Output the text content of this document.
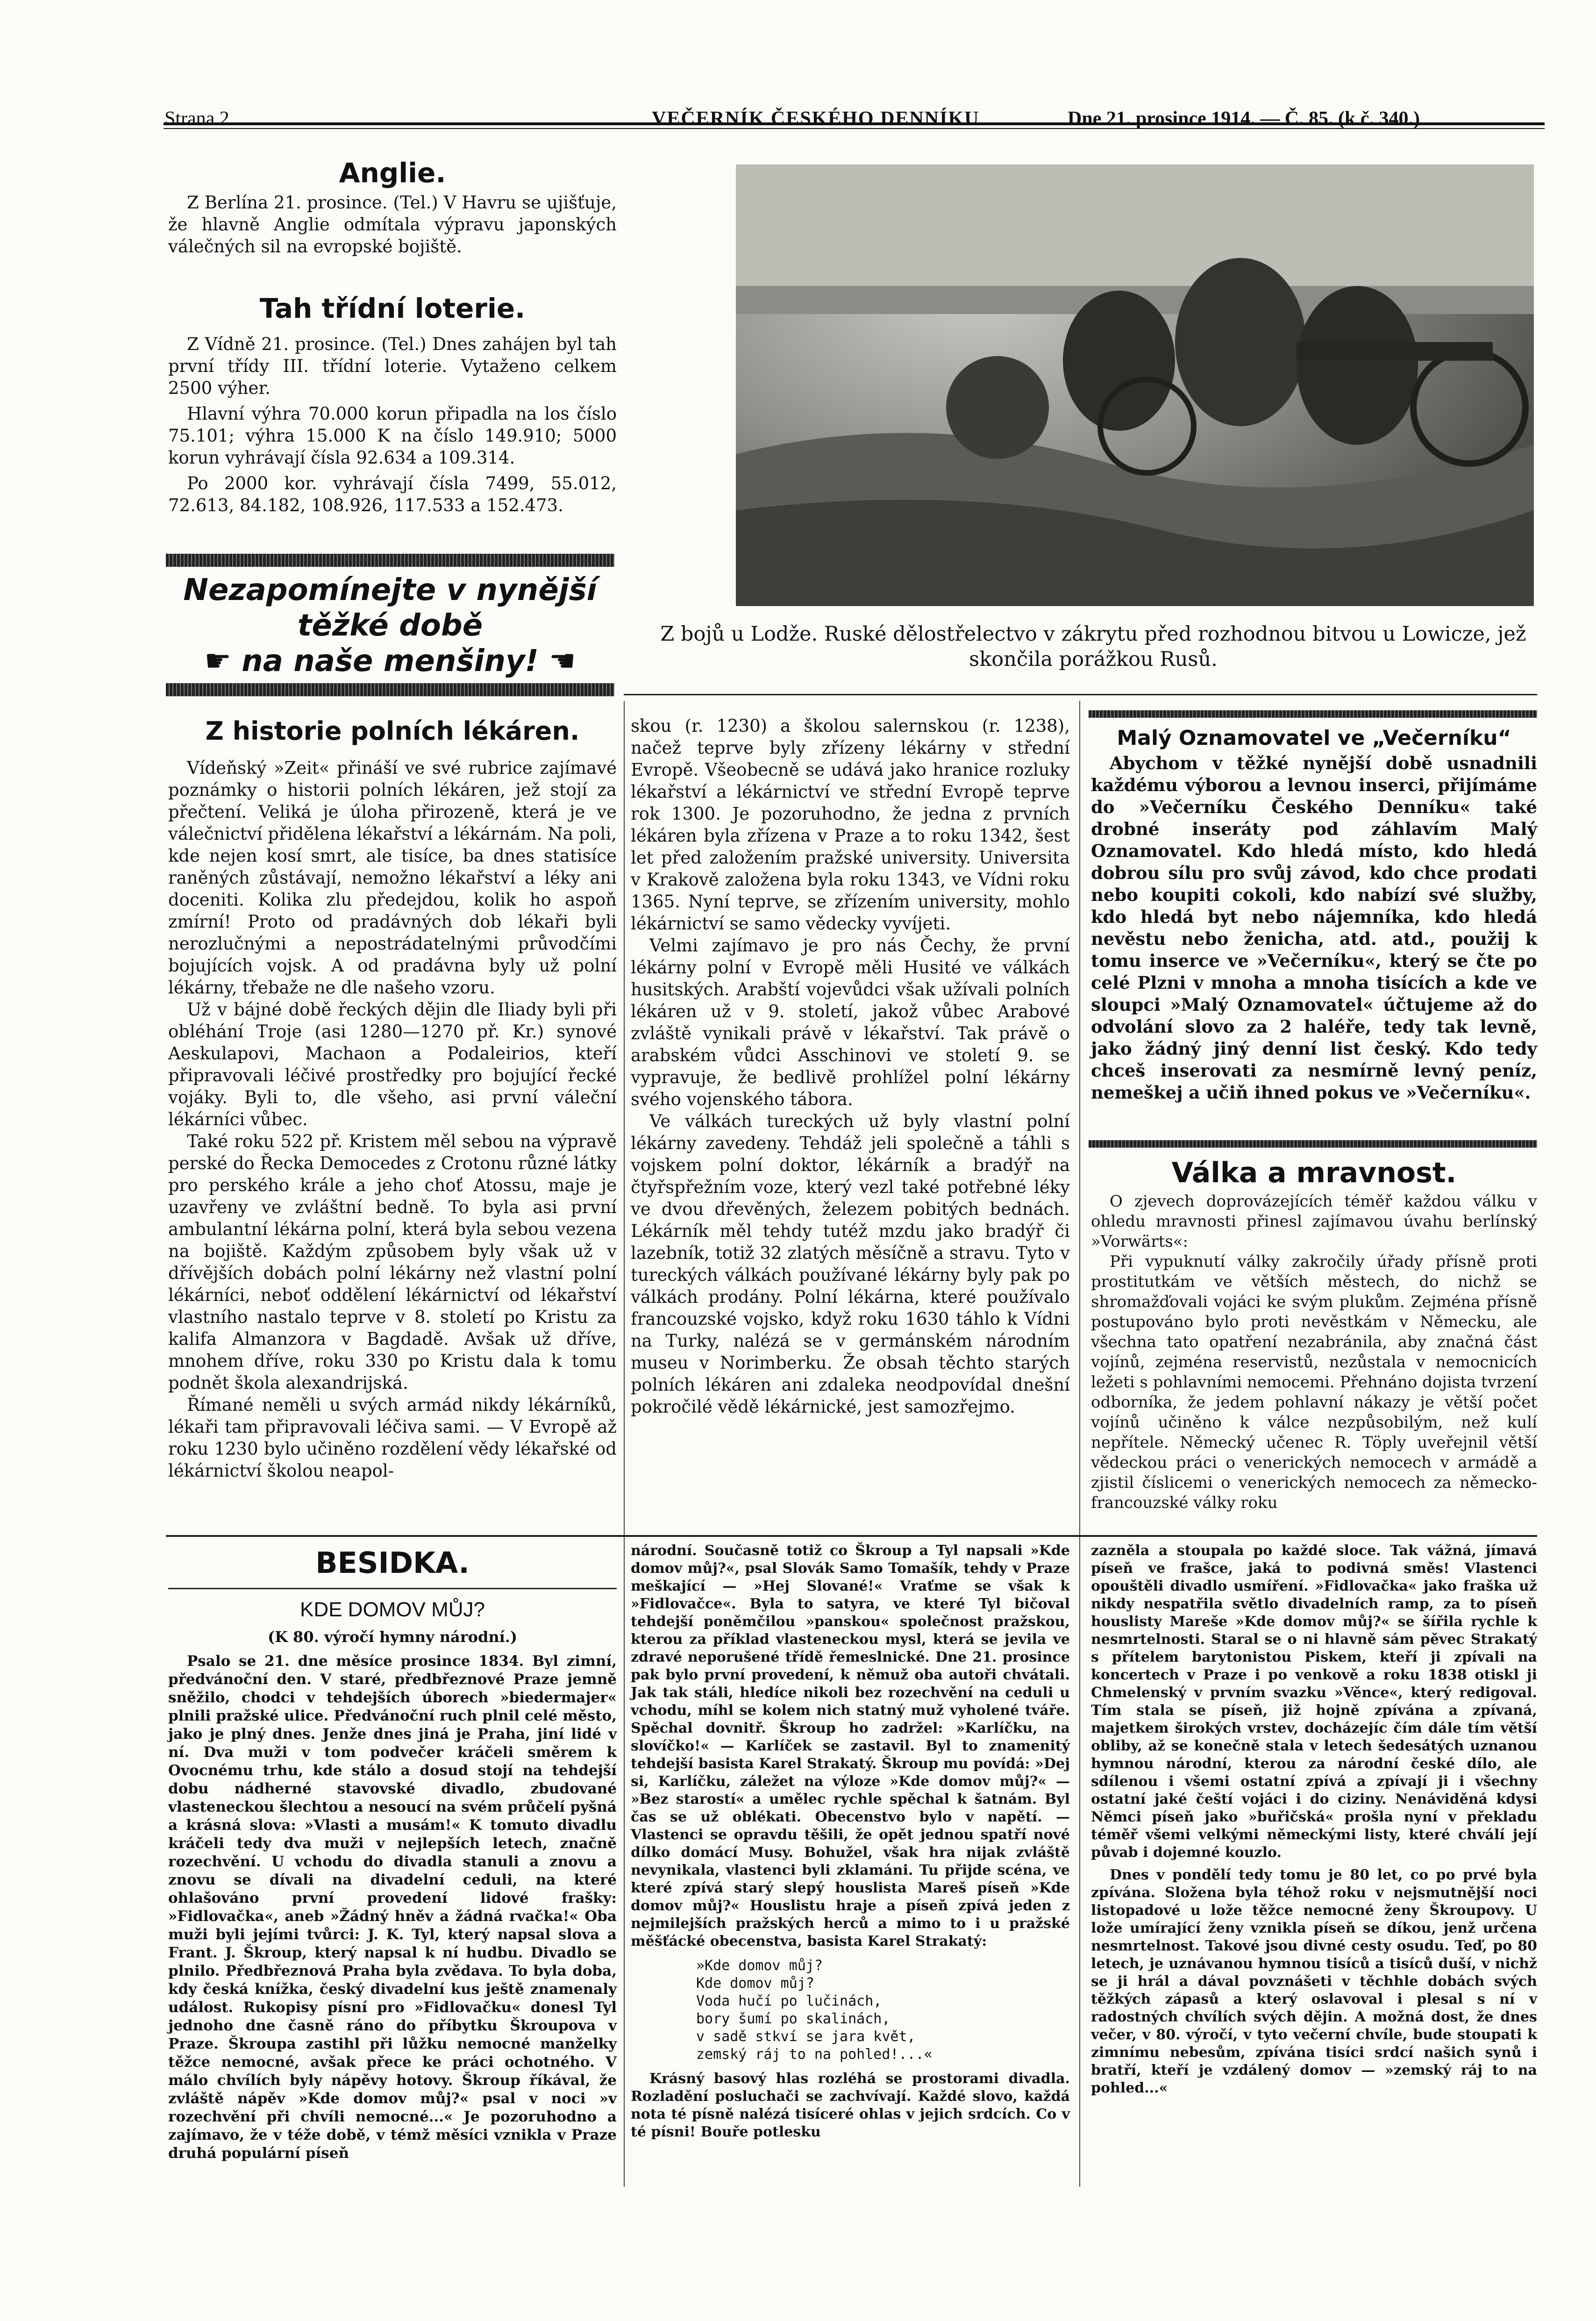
Strana 2.	VEČERNÍK ČESKÉHO DENNÍKU	Dne 21. prosince 1914. — Č. 85. (k č. 340.)
Anglie.

Z Berlína 21. prosince. (Tel.) V Havru se ujišťuje, že hlavně Anglie odmítala výpravu japonských válečných sil na evropské bojiště.

Tah třídní loterie.

Z Vídně 21. prosince. (Tel.) Dnes zahájen byl tah první třídy III. třídní loterie. Vytaženo celkem 2500 výher.

Hlavní výhra 70.000 korun připadla na los číslo 75.101; výhra 15.000 K na číslo 149.910; 5000 korun vyhrávají čísla 92.634 a 109.314.

Po 2000 kor. vyhrávají čísla 7499, 55.012, 72.613, 84.182, 108.926, 117.533 a 152.473.

Nezapomínejte v nynější
těžké době
☛ na naše menšiny! ☚
Z bojů u Lodže. Ruské dělostřelectvo v zákrytu před rozhodnou bitvou u Lowicze, jež skončila porážkou Rusů.
Z historie polních lékáren.

Vídeňský »Zeit« přináší ve své rubrice zajímavé poznámky o historii polních lékáren, jež stojí za přečtení. Veliká je úloha přirozeně, která je ve válečnictví přidělena lékařství a lékárnám. Na poli, kde nejen kosí smrt, ale tisíce, ba dnes statisíce raněných zůstávají, nemožno lékařství a léky ani doceniti. Kolika zlu předejdou, kolik ho aspoň zmírní! Proto od pradávných dob lékaři byli nerozlučnými a nepostrádatelnými průvodčími bojujících vojsk. A od pradávna byly už polní lékárny, třebaže ne dle našeho vzoru.

Už v bájné době řeckých dějin dle Iliady byli při obléhání Troje (asi 1280—1270 př. Kr.) synové Aeskulapovi, Machaon a Podaleirios, kteří připravovali léčivé prostředky pro bojující řecké vojáky. Byli to, dle všeho, asi první váleční lékárníci vůbec.

Také roku 522 př. Kristem měl sebou na výpravě perské do Řecka Democedes z Crotonu různé látky pro perského krále a jeho choť Atossu, maje je uzavřeny ve zvláštní bedně. To byla asi první ambulantní lékárna polní, která byla sebou vezena na bojiště. Každým způsobem byly však už v dřívějších dobách polní lékárny než vlastní polní lékárníci, neboť oddělení lékárnictví od lékařství vlastního nastalo teprve v 8. století po Kristu za kalifa Almanzora v Bagdadě. Avšak už dříve, mnohem dříve, roku 330 po Kristu dala k tomu podnět škola alexandrijská.

Římané neměli u svých armád nikdy lékárníků, lékaři tam připravovali léčiva sami. — V Evropě až roku 1230 bylo učiněno rozdělení vědy lékařské od lékárnictví školou neapol-

skou (r. 1230) a školou salernskou (r. 1238), načež teprve byly zřízeny lékárny v střední Evropě. Všeobecně se udává jako hranice rozluky lékařství a lékárnictví ve střední Evropě teprve rok 1300. Je pozoruhodno, že jedna z prvních lékáren byla zřízena v Praze a to roku 1342, šest let před založením pražské university. Universita v Krakově založena byla roku 1343, ve Vídni roku 1365. Nyní teprve, se zřízením university, mohlo lékárnictví se samo vědecky vyvíjeti.

Velmi zajímavo je pro nás Čechy, že první lékárny polní v Evropě měli Husité ve válkách husitských. Arabští vojevůdci však užívali polních lékáren už v 9. století, jakož vůbec Arabové zvláště vynikali právě v lékařství. Tak právě o arabském vůdci Asschinovi ve století 9. se vypravuje, že bedlivě prohlížel polní lékárny svého vojenského tábora.

Ve válkách tureckých už byly vlastní polní lékárny zavedeny. Tehdáž jeli společně a táhli s vojskem polní doktor, lékárník a bradýř na čtyřspřežním voze, který vezl také potřebné léky ve dvou dřevěných, železem pobitých bednách. Lékárník měl tehdy tutéž mzdu jako bradýř či lazebník, totiž 32 zlatých měsíčně a stravu. Tyto v tureckých válkách používané lékárny byly pak po válkách prodány. Polní lékárna, které používalo francouzské vojsko, když roku 1630 táhlo k Vídni na Turky, nalézá se v germánském národním museu v Norimberku. Že obsah těchto starých polních lékáren ani zdaleka neodpovídal dnešní pokročilé vědě lékárnické, jest samozřejmo.

Malý Oznamovatel ve „Večerníku“

Abychom v těžké nynější době usnadnili každému výborou a levnou inserci, přijímáme do »Večerníku Českého Denníku« také drobné inseráty pod záhlavím Malý Oznamovatel. Kdo hledá místo, kdo hledá dobrou sílu pro svůj závod, kdo chce prodati nebo koupiti cokoli, kdo nabízí své služby, kdo hledá byt nebo nájemníka, kdo hledá nevěstu nebo ženicha, atd. atd., použij k tomu inserce ve »Večerníku«, který se čte po celé Plzni v mnoha a mnoha tisících a kde ve sloupci »Malý Oznamovatel« účtujeme až do odvolání slovo za 2 haléře, tedy tak levně, jako žádný jiný denní list český. Kdo tedy chceš inserovati za nesmírně levný peníz, nemeškej a učiň ihned pokus ve »Večerníku«.

Válka a mravnost.

O zjevech doprovázejících téměř každou válku v ohledu mravnosti přinesl zajímavou úvahu berlínský »Vorwärts«:

Při vypuknutí války zakročily úřady přísně proti prostitutkám ve větších městech, do nichž se shromažďovali vojáci ke svým plukům. Zejména přísně postupováno bylo proti nevěstkám v Německu, ale všechna tato opatření nezabránila, aby značná část vojínů, zejména reservistů, nezůstala v nemocnicích ležeti s pohlavními nemocemi. Přehnáno dojista tvrzení odborníka, že jedem pohlavní nákazy je větší počet vojínů učiněno k válce nezpůsobilým, než kulí nepřítele. Německý učenec R. Töply uveřejnil větší vědeckou práci o venerických nemocech v armádě a zjistil číslicemi o venerických nemocech za německo-francouzské války roku

BESIDKA.
KDE DOMOV MŮJ?
(K 80. výročí hymny národní.)

Psalo se 21. dne měsíce prosince 1834. Byl zimní, předvánoční den. V staré, předbřeznové Praze jemně sněžilo, chodci v tehdejších úborech »biedermajer« plnili pražské ulice. Předvánoční ruch plnil celé město, jako je plný dnes. Jenže dnes jiná je Praha, jiní lidé v ní. Dva muži v tom podvečer kráčeli směrem k Ovocnému trhu, kde stálo a dosud stojí na tehdejší dobu nádherné stavovské divadlo, zbudované vlasteneckou šlechtou a nesoucí na svém průčelí pyšná a krásná slova: »Vlasti a musám!« K tomuto divadlu kráčeli tedy dva muži v nejlepších letech, značně rozechvění. U vchodu do divadla stanuli a znovu a znovu se dívali na divadelní ceduli, na které ohlašováno první provedení lidové frašky: »Fidlovačka«, aneb »Žádný hněv a žádná rvačka!« Oba muži byli jejími tvůrci: J. K. Tyl, který napsal slova a Frant. J. Škroup, který napsal k ní hudbu. Divadlo se plnilo. Předbřeznová Praha byla zvědava. To byla doba, kdy česká knížka, český divadelní kus ještě znamenaly událost. Rukopisy písní pro »Fidlovačku« donesl Tyl jednoho dne časně ráno do příbytku Škroupova v Praze. Škroupa zastihl při lůžku nemocné manželky těžce nemocné, avšak přece ke práci ochotného. V málo chvílích byly nápěvy hotovy. Škroup říkával, že zvláště nápěv »Kde domov můj?« psal v noci »v rozechvění při chvíli nemocné...« Je pozoruhodno a zajímavo, že v téže době, v témž měsíci vznikla v Praze druhá populární píseň

národní. Současně totiž co Škroup a Tyl napsali »Kde domov můj?«, psal Slovák Samo Tomašík, tehdy v Praze meškající — »Hej Slované!« Vraťme se však k »Fidlovačce«. Byla to satyra, ve které Tyl bičoval tehdejší poněmčilou »panskou« společnost pražskou, kterou za příklad vlasteneckou mysl, která se jevila ve zdravé neporušené třídě řemeslnické. Dne 21. prosince pak bylo první provedení, k němuž oba autoři chvátali. Jak tak stáli, hledíce nikoli bez rozechvění na ceduli u vchodu, míhl se kolem nich statný muž vyholené tváře. Spěchal dovnitř. Škroup ho zadržel: »Karlíčku, na slovíčko!« — Karlíček se zastavil. Byl to znamenitý tehdejší basista Karel Strakatý. Škroup mu povídá: »Dej si, Karlíčku, záležet na výloze »Kde domov můj?« — »Bez starostí« a umělec rychle spěchal k šatnám. Byl čas se už oblékati. Obecenstvo bylo v napětí. — Vlastenci se opravdu těšili, že opět jednou spatří nové dílko domácí Musy. Bohužel, však hra nijak zvláště nevynikala, vlastenci byli zklamáni. Tu přijde scéna, ve které zpívá starý slepý houslista Mareš píseň »Kde domov můj?« Houslistu hraje a píseň zpívá jeden z nejmilejších pražských herců a mimo to i u pražské měšťácké obecenstva, basista Karel Strakatý:

»Kde domov můj?
Kde domov můj?
Voda hučí po lučinách,
bory šumí po skalinách,
v sadě stkví se jara květ,
zemský ráj to na pohled!...«

Krásný basový hlas rozléhá se prostorami divadla. Rozladění posluchači se zachvívají. Každé slovo, každá nota té písně nalézá tisíceré ohlas v jejich srdcích. Co v té písni! Bouře potlesku

zazněla a stoupala po každé sloce. Tak vážná, jímavá píseň ve frašce, jaká to podivná směs! Vlastenci opouštěli divadlo usmíření. »Fidlovačka« jako fraška už nikdy nespatřila světlo divadelních ramp, za to píseň houslisty Mareše »Kde domov můj?« se šířila rychle k nesmrtelnosti. Staral se o ni hlavně sám pěvec Strakatý s přítelem barytonistou Piskem, kteří ji zpívali na koncertech v Praze i po venkově a roku 1838 otiskl ji Chmelenský v prvním svazku »Věnce«, který redigoval. Tím stala se píseň, již hojně zpívána a zpívaná, majetkem širokých vrstev, docházejíc čím dále tím větší obliby, až se konečně stala v letech šedesátých uznanou hymnou národní, kterou za národní české dílo, ale sdílenou i všemi ostatní zpívá a zpívají ji i všechny ostatní jaké čeští vojáci i do ciziny. Nenáviděná kdysi Němci píseň jako »buřičská« prošla nyní v překladu téměř všemi velkými německými listy, které chválí její půvab i dojemné kouzlo.

Dnes v pondělí tedy tomu je 80 let, co po prvé byla zpívána. Složena byla téhož roku v nejsmutnější noci listopadové u lože těžce nemocné ženy Škroupovy. U lože umírající ženy vznikla píseň se díkou, jenž určena nesmrtelnost. Takové jsou divné cesty osudu. Teď, po 80 letech, je uznávanou hymnou tisíců a tisíců duší, v nichž se ji hrál a dával povznášeti v těchhle dobách svých těžkých zápasů a který oslavoval i plesal s ní v radostných chvílích svých dějin. A možná dost, že dnes večer, v 80. výročí, v tyto večerní chvíle, bude stoupati k zimnímu nebesům, zpívána tisíci srdcí našich synů i bratří, kteří je vzdálený domov — »zemský ráj to na pohled...«
